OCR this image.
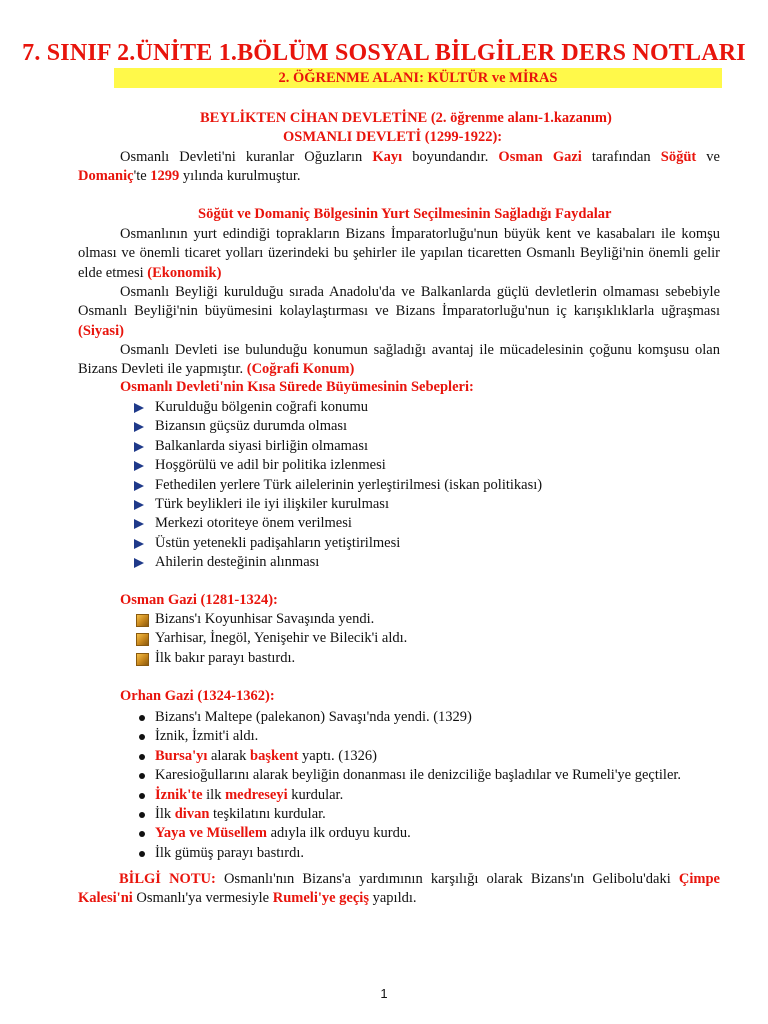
7. SINIF 2.ÜNİTE 1.BÖLÜM SOSYAL BİLGİLER DERS NOTLARI
2. ÖĞRENME ALANI: KÜLTÜR ve MİRAS
BEYLİKTEN CİHAN DEVLETİNE (2. öğrenme alanı-1.kazanım)
OSMANLI DEVLETİ (1299-1922):
Osmanlı Devleti'ni kuranlar Oğuzların Kayı boyundandır. Osman Gazi tarafından Söğüt ve Domaniç'te 1299 yılında kurulmuştur.
Söğüt ve Domaniç Bölgesinin Yurt Seçilmesinin Sağladığı Faydalar
Osmanlının yurt edindiği toprakların Bizans İmparatorluğu'nun büyük kent ve kasabaları ile komşu olması ve önemli ticaret yolları üzerindeki bu şehirler ile yapılan ticaretten Osmanlı Beyliği'nin önemli gelir elde etmesi (Ekonomik)
Osmanlı Beyliği kurulduğu sırada Anadolu'da ve Balkanlarda güçlü devletlerin olmaması sebebiyle Osmanlı Beyliği'nin büyümesini kolaylaştırması ve Bizans İmparatorluğu'nun iç karışıklıklarla uğraşması (Siyasi)
Osmanlı Devleti ise bulunduğu konumun sağladığı avantaj ile mücadelesinin çoğunu komşusu olan Bizans Devleti ile yapmıştır. (Coğrafi Konum)
Osmanlı Devleti'nin Kısa Sürede Büyümesinin Sebepleri:
Kurulduğu bölgenin coğrafi konumu
Bizansın güçsüz durumda olması
Balkanlarda siyasi birliğin olmaması
Hoşgörülü ve adil bir politika izlenmesi
Fethedilen yerlere Türk ailelerinin yerleştirilmesi (iskan politikası)
Türk beylikleri ile iyi ilişkiler kurulması
Merkezi otoriteye önem verilmesi
Üstün yetenekli padişahların yetiştirilmesi
Ahilerin desteğinin alınması
Osman Gazi (1281-1324):
Bizans'ı Koyunhisar Savaşında yendi.
Yarhisar, İnegöl, Yenişehir ve Bilecik'i aldı.
İlk bakır parayı bastırdı.
Orhan Gazi (1324-1362):
Bizans'ı Maltepe (palekanon) Savaşı'nda yendi. (1329)
İznik, İzmit'i aldı.
Bursa'yı alarak başkent yaptı. (1326)
Karesioğullarını alarak beyliğin donanması ile denizciliğe başladılar ve Rumeli'ye geçtiler.
İznik'te ilk medreseyi kurdular.
İlk divan teşkilatını kurdular.
Yaya ve Müsellem adıyla ilk orduyu kurdu.
İlk gümüş parayı bastırdı.
BİLGİ NOTU: Osmanlı'nın Bizans'a yardımının karşılığı olarak Bizans'ın Gelibolu'daki Çimpe Kalesi'ni Osmanlı'ya vermesiyle Rumeli'ye geçiş yapıldı.
1
